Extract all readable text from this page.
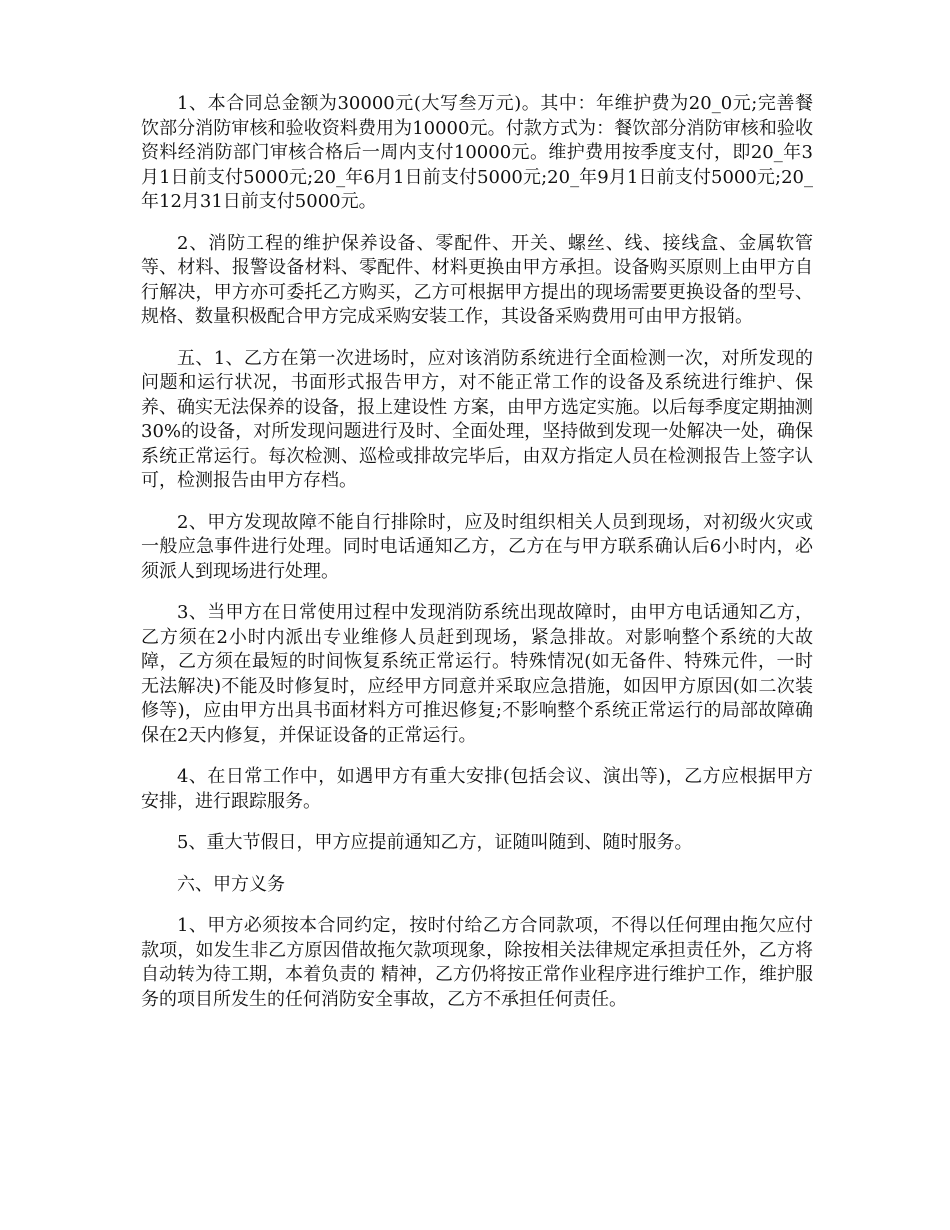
1、本合同总金额为30000元(大写叁万元)。其中：年维护费为20_0元;完善餐饮部分消防审核和验收资料费用为10000元。付款方式为：餐饮部分消防审核和验收资料经消防部门审核合格后一周内支付10000元。维护费用按季度支付，即20_年3月1日前支付5000元;20_年6月1日前支付5000元;20_年9月1日前支付5000元;20_年12月31日前支付5000元。

2、消防工程的维护保养设备、零配件、开关、螺丝、线、接线盒、金属软管等、材料、报警设备材料、零配件、材料更换由甲方承担。设备购买原则上由甲方自行解决，甲方亦可委托乙方购买，乙方可根据甲方提出的现场需要更换设备的型号、规格、数量积极配合甲方完成采购安装工作，其设备采购费用可由甲方报销。

五、1、乙方在第一次进场时，应对该消防系统进行全面检测一次，对所发现的问题和运行状况，书面形式报告甲方，对不能正常工作的设备及系统进行维护、保养、确实无法保养的设备，报上建设性 方案，由甲方选定实施。以后每季度定期抽测30%的设备，对所发现问题进行及时、全面处理，坚持做到发现一处解决一处，确保系统正常运行。每次检测、巡检或排故完毕后，由双方指定人员在检测报告上签字认可，检测报告由甲方存档。

2、甲方发现故障不能自行排除时，应及时组织相关人员到现场，对初级火灾或一般应急事件进行处理。同时电话通知乙方，乙方在与甲方联系确认后6小时内，必须派人到现场进行处理。

3、当甲方在日常使用过程中发现消防系统出现故障时，由甲方电话通知乙方，乙方须在2小时内派出专业维修人员赶到现场，紧急排故。对影响整个系统的大故障，乙方须在最短的时间恢复系统正常运行。特殊情况(如无备件、特殊元件，一时无法解决)不能及时修复时，应经甲方同意并采取应急措施，如因甲方原因(如二次装修等)，应由甲方出具书面材料方可推迟修复;不影响整个系统正常运行的局部故障确保在2天内修复，并保证设备的正常运行。

4、在日常工作中，如遇甲方有重大安排(包括会议、演出等)，乙方应根据甲方安排，进行跟踪服务。

5、重大节假日，甲方应提前通知乙方，证随叫随到、随时服务。

六、甲方义务

1、甲方必须按本合同约定，按时付给乙方合同款项，不得以任何理由拖欠应付款项，如发生非乙方原因借故拖欠款项现象，除按相关法律规定承担责任外，乙方将自动转为待工期，本着负责的 精神，乙方仍将按正常作业程序进行维护工作，维护服务的项目所发生的任何消防安全事故，乙方不承担任何责任。
